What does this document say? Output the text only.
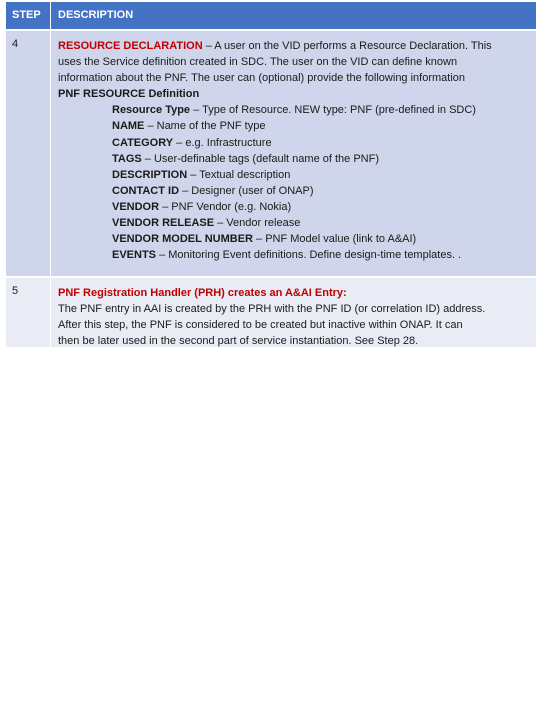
STEP	DESCRIPTION
4	RESOURCE DECLARATION – A user on the VID performs a Resource Declaration. This
uses the Service definition created in SDC. The user on the VID can define known
information about the PNF. The user can (optional) provide the following information
PNF RESOURCE Definition
Resource Type – Type of Resource. NEW type: PNF (pre-defined in SDC)
NAME – Name of the PNF type
CATEGORY – e.g. Infrastructure
TAGS – User-definable tags (default name of the PNF)
DESCRIPTION – Textual description
CONTACT ID – Designer (user of ONAP)
VENDOR – PNF Vendor (e.g. Nokia)
VENDOR RELEASE – Vendor release
VENDOR MODEL NUMBER – PNF Model value (link to A&AI)
EVENTS – Monitoring Event definitions. Define design-time templates. .
5	PNF Registration Handler (PRH) creates an A&AI Entry:
The PNF entry in AAI is created by the PRH with the PNF ID (or correlation ID) address.
After this step, the PNF is considered to be created but inactive within ONAP. It can
then be later used in the second part of service instantiation. See Step 28.
